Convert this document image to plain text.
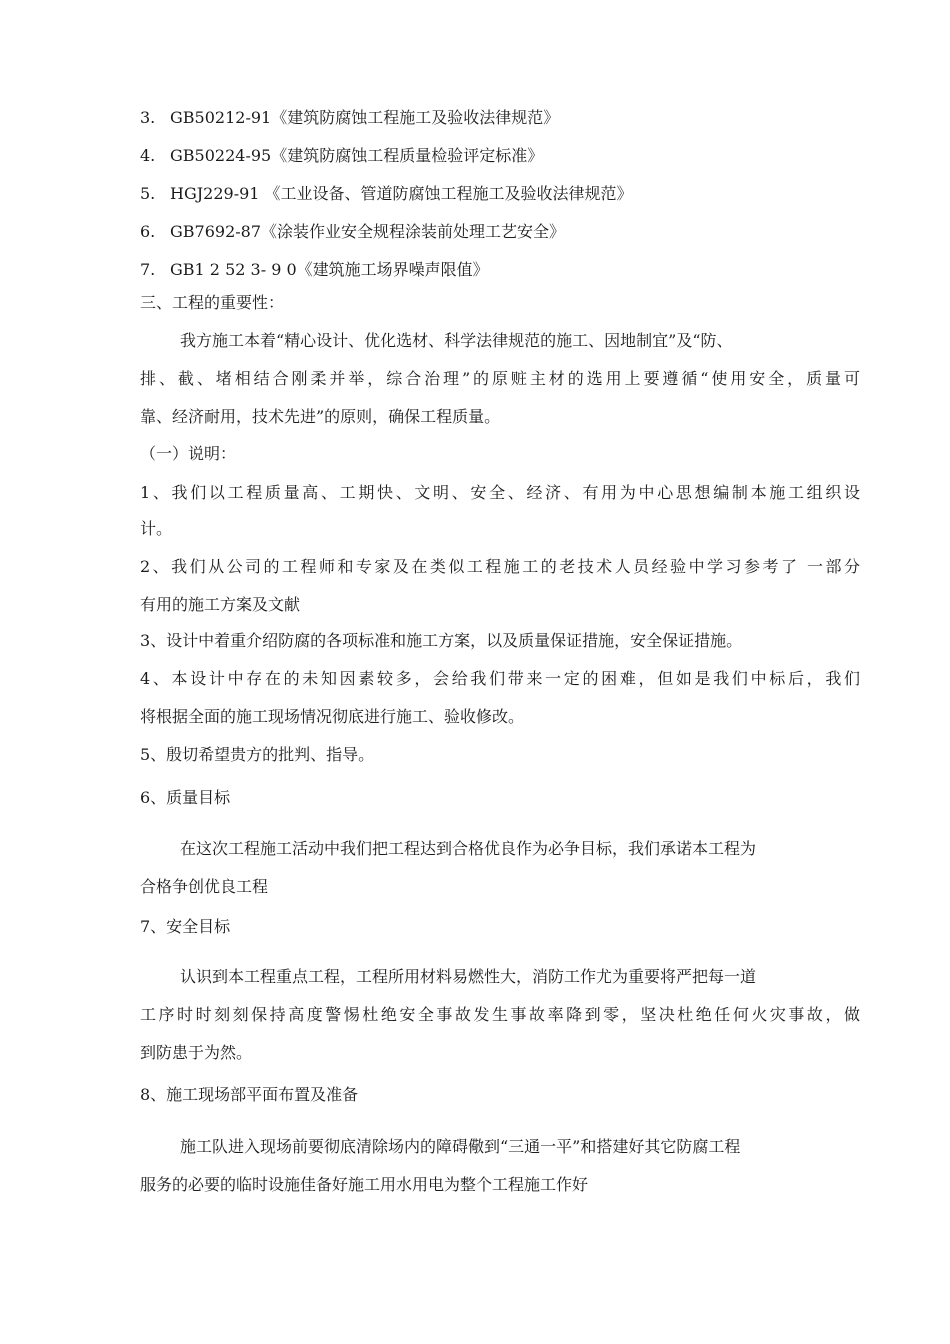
3. GB50212-91《建筑防腐蚀工程施工及验收法律规范》
4. GB50224-95《建筑防腐蚀工程质量检验评定标准》
5. HGJ229-91 《工业设备、管道防腐蚀工程施工及验收法律规范》
6. GB7692-87《涂装作业安全规程涂装前处理工艺安全》
7. GB1 2 52 3- 9 0《建筑施工场界噪声限值》
三、工程的重要性：
我方施工本着“精心设计、优化选材、科学法律规范的施工、因地制宜”及“防、
排、截、堵相结合刚柔并举，综合治理”的原赃主材的选用上要遵循“使用安全，质量可
靠、经济耐用，技术先进”的原则，确保工程质量。
（一）说明：
1、我们以工程质量高、工期快、文明、安全、经济、有用为中心思想编制本施工组织设
计。
2、我们从公司的工程师和专家及在类似工程施工的老技术人员经验中学习参考了 一部分
有用的施工方案及文献
3、设计中着重介绍防腐的各项标准和施工方案，以及质量保证措施，安全保证措施。
4、本设计中存在的未知因素较多，会给我们带来一定的困难，但如是我们中标后，我们
将根据全面的施工现场情况彻底进行施工、验收修改。
5、殷切希望贵方的批判、指导。
6、质量目标
在这次工程施工活动中我们把工程达到合格优良作为必争目标，我们承诺本工程为
合格争创优良工程
7、安全目标
认识到本工程重点工程，工程所用材料易燃性大，消防工作尤为重要将严把每一道
工序时时刻刻保持高度警惕杜绝安全事故发生事故率降到零，坚决杜绝任何火灾事故，做
到防患于为然。
8、施工现场部平面布置及准备
施工队进入现场前要彻底清除场内的障碍儆到“三通一平”和搭建好其它防腐工程
服务的必要的临时设施佳备好施工用水用电为整个工程施工作好
